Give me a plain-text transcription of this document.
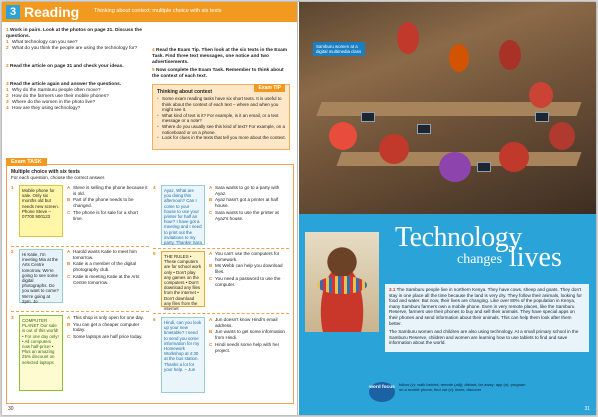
3 Reading	Thinking about context; multiple choice with six texts
1 Work in pairs. Look at the photos on page 31. Discuss the questions.
1 What technology can you see?
2 What do you think the people are using the technology for?
2 Read the article on page 31 and check your ideas.
3 Read the article again and answer the questions.
1 Why do the Samburu people often move?
2 How do the farmers use their mobile phones?
3 Where do the women in the photo live?
4 How are they using technology?
4 Read the Exam Tip. Then look at the six texts in the Exam Task. Find three text messages, one notice and two advertisements.
5 Now complete the Exam Task. Remember to think about the context of each text.
Exam TIP
Thinking about context
• Some exam reading tasks have six short texts. It is useful to think about the context of each text – where and when you might see it.
• What kind of text is it? For example, is it an email, or a text message or a note?
• Where do you usually see this kind of text? For example, on a noticeboard or on a phone.
• Look for clues in the texts that tell you more about the context.
Exam TASK
Multiple choice with six texts
For each question, choose the correct answer.
1
Mobile phone for sale. Only six months old but needs new screen. Phone Steve – 07700 900123
A Steve is selling the phone because it is old.
B Part of the phone needs to be changed.
C The phone is for sale for a short time.
2
Hi Katie, I'm meeting Mia at the Arts Centre tomorrow. We're going to see some digital photographs. Do you want to come? We're going at 2pm. Jo
A Harold wants Katie to meet him tomorrow.
B Katie is a member of the digital photography club.
C Katie is meeting Katie at the Arts Centre tomorrow.
3
COMPUTER PLANET Our sale is out of this world! • For one day only! • All computers now half-price! • Plus an amazing 25% discount on selected laptops
A This shop is only open for one day.
B You can get a cheaper computer today.
C Some laptops are half price today.
4
Ayaz, What are you doing this afternoon? Can I come to your house to use your printer for half an hour? I have got a meeting and I need to print out the invitations to my party. Thanks! Sara
A Sara wants to go to a party with Ayaz.
B Ayaz hasn't got a printer at half house.
C Sara wants to use the printer at Ayaz's house.
5
THE RULES • These computers are for school work only • Don't play any games on the computers • Don't download any files from the internet • Don't download any files from the internet
A You can't use the computers for homework.
B Ms Webb can help you download files.
C You need a password to use the computer.
6
Hindi, can you look up your new timetable? I need to send you some information for my Homework Workshop at 4:30 at the bus station. Thanks a lot for your help. – Jun
A Jun doesn't know Hindi's email address.
B Jun wants to get some information from Hindi.
C Hindi needs some help with her project.
30
Samburu women at a digital multimedia class
Technology
changes lives

3.1 The Samburu people live in northern Kenya. They have cows, sheep and goats. They don't stay in one place all the time because the land is very dry. They follow their animals, looking for food and water. But now, their lives are changing. Like over 80% of the population in Kenya, many Samburu farmers own a mobile phone. Even in very remote places, like the Samburu Reserve, farmers use their phones to buy and sell their animals. They have special apps on their phones and send information about their animals. This can help them look after them better.

The Samburu women and children are also using technology. At a small primary school in the Samburu Reserve, children and women are learning how to use tablets to find and save information about the world.

word focus
follow (v): walk behind; remote (adj): distant, far away; app (n): program on a mobile phone; find out (v): learn; discover
31
